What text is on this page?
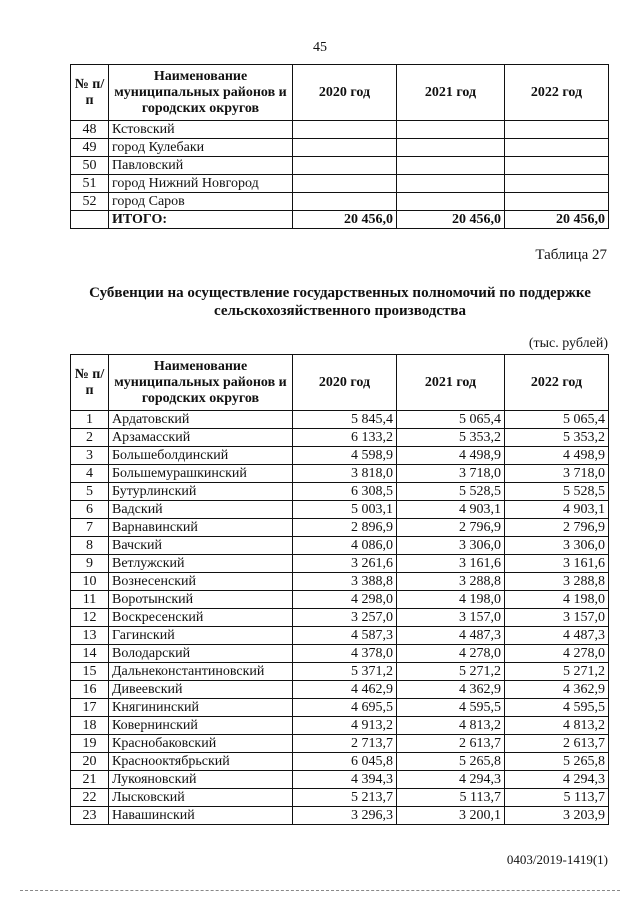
45
№ п/п	Наименование муниципальных районов и городских округов	2020 год	2021 год	2022 год
48	Кстовский			
49	город Кулебаки			
50	Павловский			
51	город Нижний Новгород			
52	город Саров			
	ИТОГО:	20 456,0	20 456,0	20 456,0
Таблица 27
Субвенции на осуществление государственных полномочий по поддержке
сельскохозяйственного производства
(тыс. рублей)
№ п/п	Наименование муниципальных районов и городских округов	2020 год	2021 год	2022 год
1	Ардатовский	5 845,4	5 065,4	5 065,4
2	Арзамасский	6 133,2	5 353,2	5 353,2
3	Большеболдинский	4 598,9	4 498,9	4 498,9
4	Большемурашкинский	3 818,0	3 718,0	3 718,0
5	Бутурлинский	6 308,5	5 528,5	5 528,5
6	Вадский	5 003,1	4 903,1	4 903,1
7	Варнавинский	2 896,9	2 796,9	2 796,9
8	Вачский	4 086,0	3 306,0	3 306,0
9	Ветлужский	3 261,6	3 161,6	3 161,6
10	Вознесенский	3 388,8	3 288,8	3 288,8
11	Воротынский	4 298,0	4 198,0	4 198,0
12	Воскресенский	3 257,0	3 157,0	3 157,0
13	Гагинский	4 587,3	4 487,3	4 487,3
14	Володарский	4 378,0	4 278,0	4 278,0
15	Дальнеконстантиновский	5 371,2	5 271,2	5 271,2
16	Дивеевский	4 462,9	4 362,9	4 362,9
17	Княгининский	4 695,5	4 595,5	4 595,5
18	Ковернинский	4 913,2	4 813,2	4 813,2
19	Краснобаковский	2 713,7	2 613,7	2 613,7
20	Краснооктябрьский	6 045,8	5 265,8	5 265,8
21	Лукояновский	4 394,3	4 294,3	4 294,3
22	Лысковский	5 213,7	5 113,7	5 113,7
23	Навашинский	3 296,3	3 200,1	3 203,9
0403/2019-1419(1)
